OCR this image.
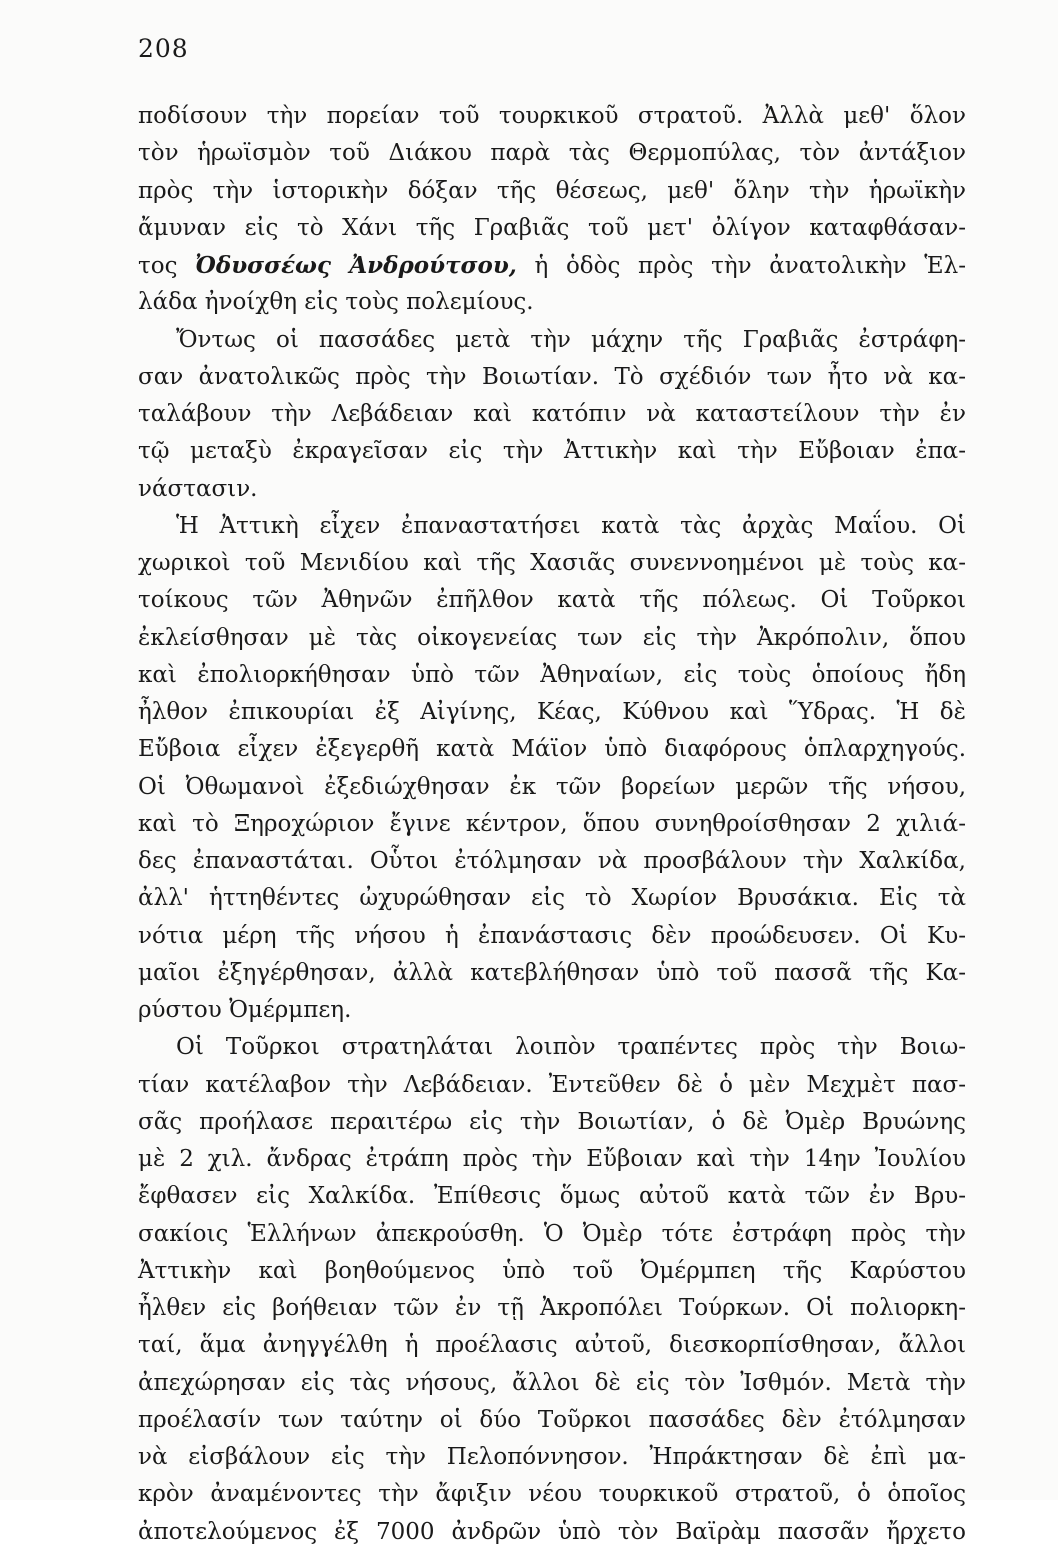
208
ποδίσουν τὴν πορείαν τοῦ τουρκικοῦ στρατοῦ. Ἀλλὰ μεθ' ὅλον
τὸν ἡρωϊσμὸν τοῦ Διάκου παρὰ τὰς Θερμοπύλας, τὸν ἀντάξιον
πρὸς τὴν ἱστορικὴν δόξαν τῆς θέσεως, μεθ' ὅλην τὴν ἡρωϊκὴν
ἄμυναν εἰς τὸ Χάνι τῆς Γραβιᾶς τοῦ μετ' ὀλίγον καταφθάσαν-
τος Ὀδυσσέως Ἀνδρούτσου, ἡ ὁδὸς πρὸς τὴν ἀνατολικὴν Ἑλ-
λάδα ἠνοίχθη εἰς τοὺς πολεμίους.
Ὄντως οἱ πασσάδες μετὰ τὴν μάχην τῆς Γραβιᾶς ἐστράφη-
σαν ἀνατολικῶς πρὸς τὴν Βοιωτίαν. Τὸ σχέδιόν των ἦτο νὰ κα-
ταλάβουν τὴν Λεβάδειαν καὶ κατόπιν νὰ καταστείλουν τὴν ἐν
τῷ μεταξὺ ἐκραγεῖσαν εἰς τὴν Ἀττικὴν καὶ τὴν Εὔβοιαν ἐπα-
νάστασιν.
Ἡ Ἀττικὴ εἶχεν ἐπαναστατήσει κατὰ τὰς ἀρχὰς Μαΐου. Οἱ
χωρικοὶ τοῦ Μενιδίου καὶ τῆς Χασιᾶς συνεννοημένοι μὲ τοὺς κα-
τοίκους τῶν Ἀθηνῶν ἐπῆλθον κατὰ τῆς πόλεως. Οἱ Τοῦρκοι
ἐκλείσθησαν μὲ τὰς οἰκογενείας των εἰς τὴν Ἀκρόπολιν, ὅπου
καὶ ἐπολιορκήθησαν ὑπὸ τῶν Ἀθηναίων, εἰς τοὺς ὁποίους ἤδη
ἦλθον ἐπικουρίαι ἐξ Αἰγίνης, Κέας, Κύθνου καὶ Ὕδρας. Ἡ δὲ
Εὔβοια εἶχεν ἐξεγερθῆ κατὰ Μάϊον ὑπὸ διαφόρους ὁπλαρχηγούς.
Οἱ Ὀθωμανοὶ ἐξεδιώχθησαν ἐκ τῶν βορείων μερῶν τῆς νήσου,
καὶ τὸ Ξηροχώριον ἔγινε κέντρον, ὅπου συνηθροίσθησαν 2 χιλιά-
δες ἐπαναστάται. Οὗτοι ἐτόλμησαν νὰ προσβάλουν τὴν Χαλκίδα,
ἀλλ' ἡττηθέντες ὠχυρώθησαν εἰς τὸ Χωρίον Βρυσάκια. Εἰς τὰ
νότια μέρη τῆς νήσου ἡ ἐπανάστασις δὲν προώδευσεν. Οἱ Κυ-
μαῖοι ἐξηγέρθησαν, ἀλλὰ κατεβλήθησαν ὑπὸ τοῦ πασσᾶ τῆς Κα-
ρύστου Ὀμέρμπεη.
Οἱ Τοῦρκοι στρατηλάται λοιπὸν τραπέντες πρὸς τὴν Βοιω-
τίαν κατέλαβον τὴν Λεβάδειαν. Ἐντεῦθεν δὲ ὁ μὲν Μεχμὲτ πασ-
σᾶς προήλασε περαιτέρω εἰς τὴν Βοιωτίαν, ὁ δὲ Ὀμὲρ Βρυώνης
μὲ 2 χιλ. ἄνδρας ἐτράπη πρὸς τὴν Εὔβοιαν καὶ τὴν 14ην Ἰουλίου
ἔφθασεν εἰς Χαλκίδα. Ἐπίθεσις ὅμως αὐτοῦ κατὰ τῶν ἐν Βρυ-
σακίοις Ἑλλήνων ἀπεκρούσθη. Ὁ Ὀμὲρ τότε ἐστράφη πρὸς τὴν
Ἀττικὴν καὶ βοηθούμενος ὑπὸ τοῦ Ὀμέρμπεη τῆς Καρύστου
ἦλθεν εἰς βοήθειαν τῶν ἐν τῇ Ἀκροπόλει Τούρκων. Οἱ πολιορκη-
ταί, ἅμα ἀνηγγέλθη ἡ προέλασις αὐτοῦ, διεσκορπίσθησαν, ἄλλοι
ἀπεχώρησαν εἰς τὰς νήσους, ἄλλοι δὲ εἰς τὸν Ἰσθμόν. Μετὰ τὴν
προέλασίν των ταύτην οἱ δύο Τοῦρκοι πασσάδες δὲν ἐτόλμησαν
νὰ εἰσβάλουν εἰς τὴν Πελοπόννησον. Ἠπράκτησαν δὲ ἐπὶ μα-
κρὸν ἀναμένοντες τὴν ἄφιξιν νέου τουρκικοῦ στρατοῦ, ὁ ὁποῖος
ἀποτελούμενος ἐξ 7000 ἀνδρῶν ὑπὸ τὸν Βαϊρὰμ πασσᾶν ἤρχετο
